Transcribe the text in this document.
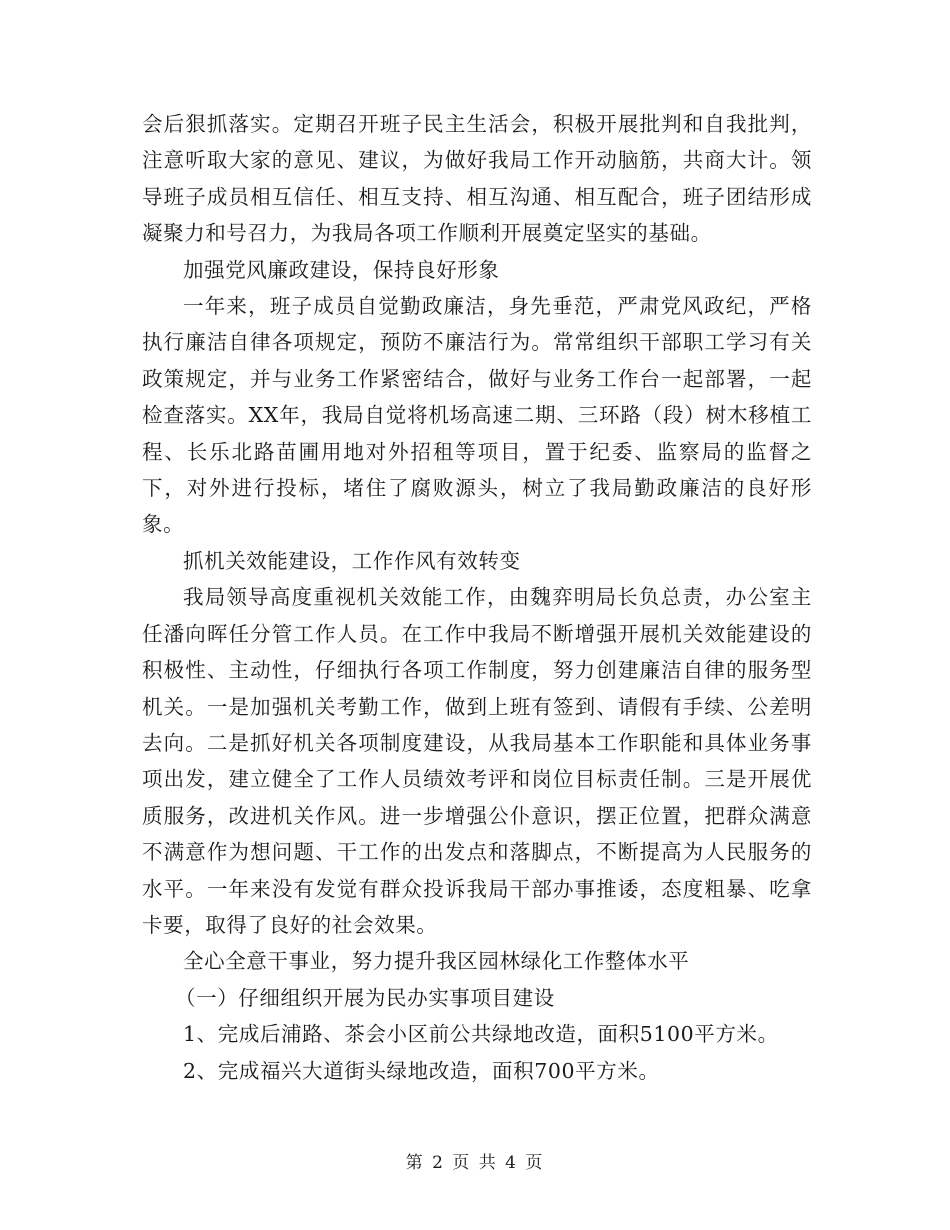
会后狠抓落实。定期召开班子民主生活会，积极开展批判和自我批判，注意听取大家的意见、建议，为做好我局工作开动脑筋，共商大计。领导班子成员相互信任、相互支持、相互沟通、相互配合，班子团结形成凝聚力和号召力，为我局各项工作顺利开展奠定坚实的基础。

加强党风廉政建设，保持良好形象

一年来，班子成员自觉勤政廉洁，身先垂范，严肃党风政纪，严格执行廉洁自律各项规定，预防不廉洁行为。常常组织干部职工学习有关政策规定，并与业务工作紧密结合，做好与业务工作台一起部署，一起检查落实。XX年，我局自觉将机场高速二期、三环路（段）树木移植工程、长乐北路苗圃用地对外招租等项目，置于纪委、监察局的监督之下，对外进行投标，堵住了腐败源头，树立了我局勤政廉洁的良好形象。

抓机关效能建设，工作作风有效转变

我局领导高度重视机关效能工作，由魏弈明局长负总责，办公室主任潘向晖任分管工作人员。在工作中我局不断增强开展机关效能建设的积极性、主动性，仔细执行各项工作制度，努力创建廉洁自律的服务型机关。一是加强机关考勤工作，做到上班有签到、请假有手续、公差明去向。二是抓好机关各项制度建设，从我局基本工作职能和具体业务事项出发，建立健全了工作人员绩效考评和岗位目标责任制。三是开展优质服务，改进机关作风。进一步增强公仆意识，摆正位置，把群众满意不满意作为想问题、干工作的出发点和落脚点，不断提高为人民服务的水平。一年来没有发觉有群众投诉我局干部办事推诿，态度粗暴、吃拿卡要，取得了良好的社会效果。

全心全意干事业，努力提升我区园林绿化工作整体水平

（一）仔细组织开展为民办实事项目建设

1、完成后浦路、茶会小区前公共绿地改造，面积5100平方米。

2、完成福兴大道街头绿地改造，面积700平方米。

第 2 页 共 4 页
